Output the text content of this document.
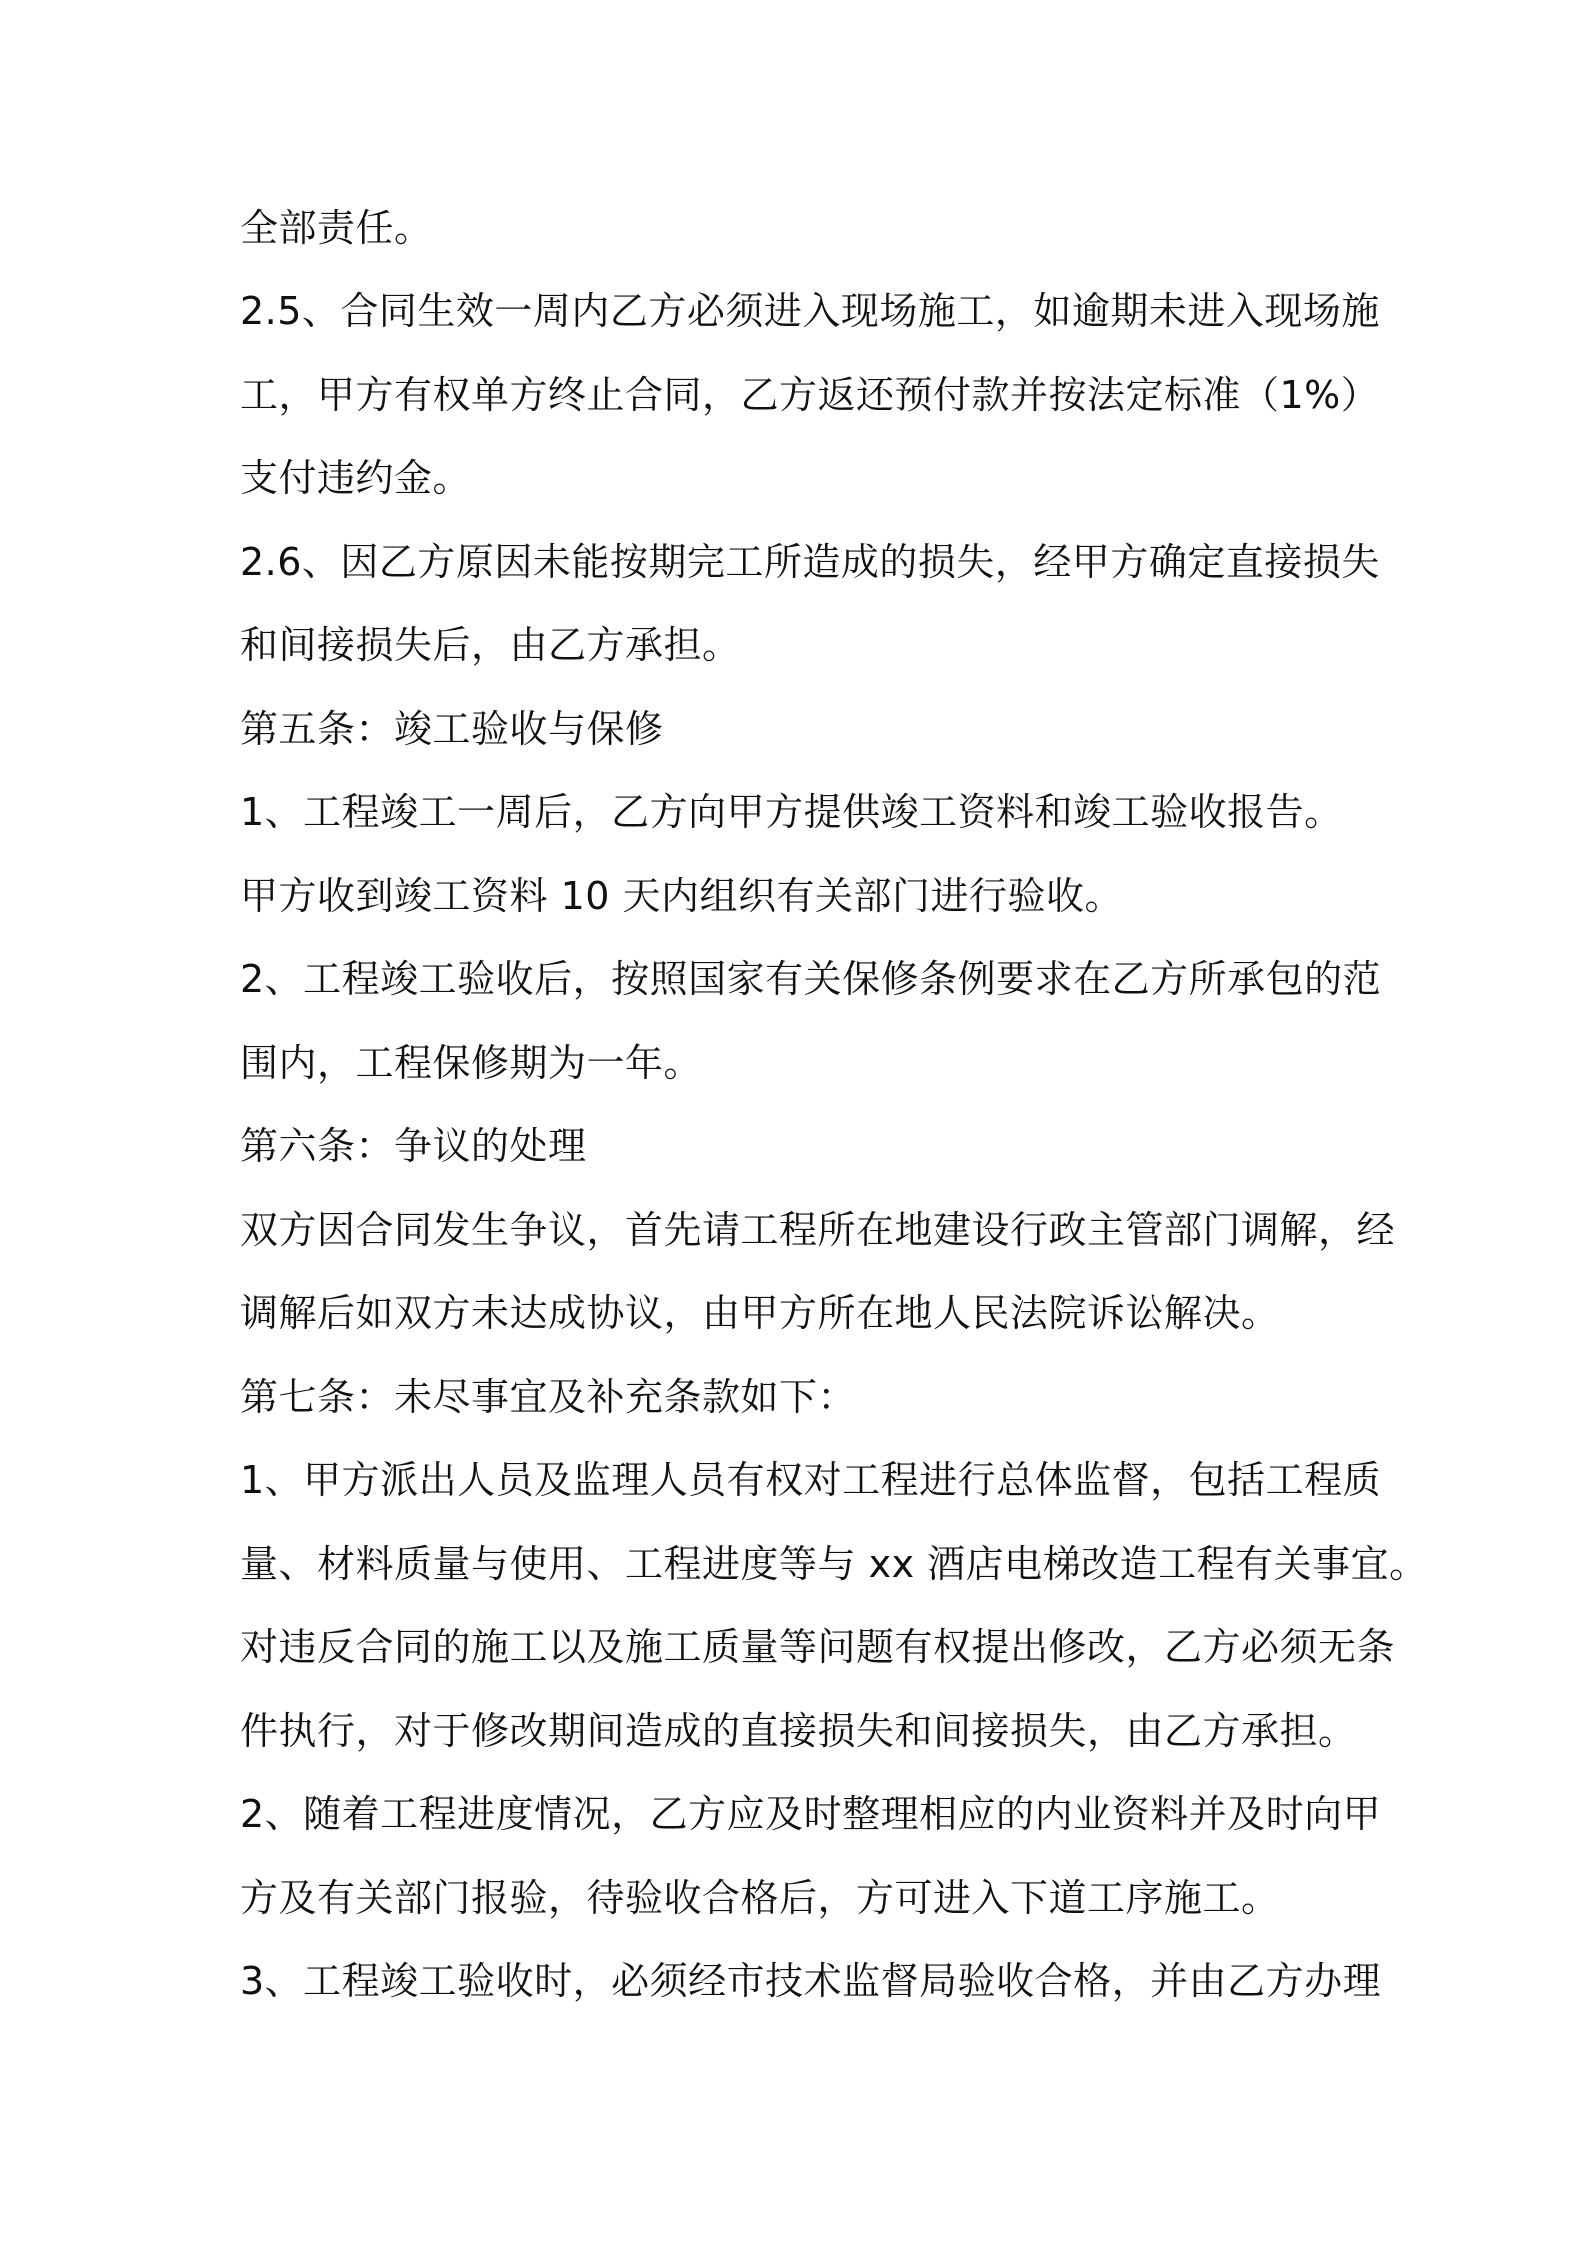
全部责任。
2.5、合同生效一周内乙方必须进入现场施工，如逾期未进入现场施
工，甲方有权单方终止合同，乙方返还预付款并按法定标准（1%）
支付违约金。
2.6、因乙方原因未能按期完工所造成的损失，经甲方确定直接损失
和间接损失后，由乙方承担。
第五条：竣工验收与保修
1、工程竣工一周后，乙方向甲方提供竣工资料和竣工验收报告。
甲方收到竣工资料 10 天内组织有关部门进行验收。
2、工程竣工验收后，按照国家有关保修条例要求在乙方所承包的范
围内，工程保修期为一年。
第六条：争议的处理
双方因合同发生争议，首先请工程所在地建设行政主管部门调解，经
调解后如双方未达成协议，由甲方所在地人民法院诉讼解决。
第七条：未尽事宜及补充条款如下：
1、甲方派出人员及监理人员有权对工程进行总体监督，包括工程质
量、材料质量与使用、工程进度等与 xx 酒店电梯改造工程有关事宜。
对违反合同的施工以及施工质量等问题有权提出修改，乙方必须无条
件执行，对于修改期间造成的直接损失和间接损失，由乙方承担。
2、随着工程进度情况，乙方应及时整理相应的内业资料并及时向甲
方及有关部门报验，待验收合格后，方可进入下道工序施工。
3、工程竣工验收时，必须经市技术监督局验收合格，并由乙方办理
